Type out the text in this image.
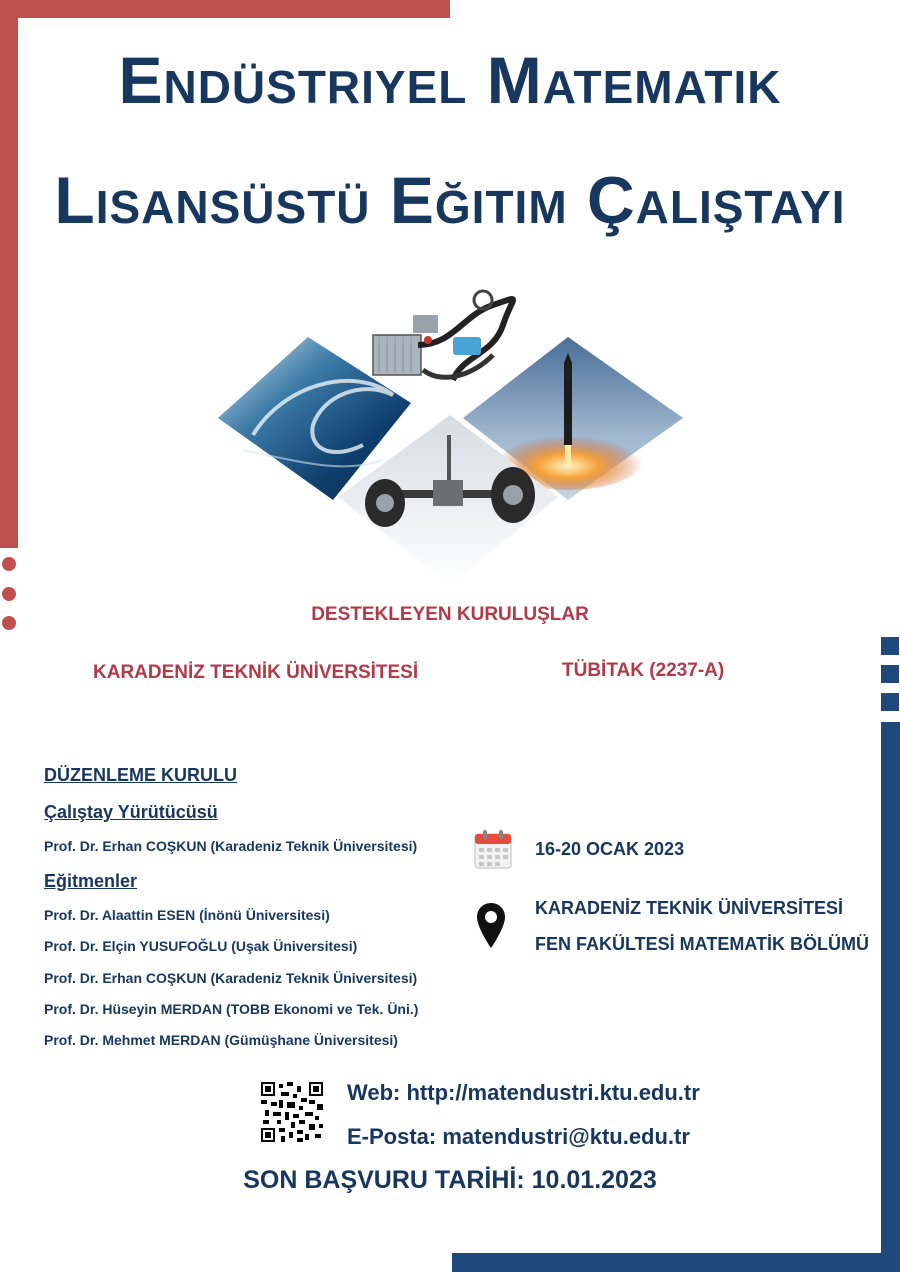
Endüstriyel Matematik
Lisansüstü Eğitim Çalıştayı
DESTEKLEYEN KURULUŞLAR
KARADENİZ TEKNİK ÜNİVERSİTESİ	TÜBİTAK (2237-A)
DÜZENLEME KURULU
Çalıştay Yürütücüsü
Prof. Dr. Erhan COŞKUN (Karadeniz Teknik Üniversitesi)
Eğitmenler
Prof. Dr. Alaattin ESEN (İnönü Üniversitesi)
Prof. Dr. Elçin YUSUFOĞLU (Uşak Üniversitesi)
Prof. Dr. Erhan COŞKUN (Karadeniz Teknik Üniversitesi)
Prof. Dr. Hüseyin MERDAN (TOBB Ekonomi ve Tek. Üni.)
Prof. Dr. Mehmet MERDAN (Gümüşhane Üniversitesi)
16-20 OCAK 2023
KARADENİZ TEKNİK ÜNİVERSİTESİ
FEN FAKÜLTESİ MATEMATİK BÖLÜMÜ
Web: http://matendustri.ktu.edu.tr
E-Posta: matendustri@ktu.edu.tr
SON BAŞVURU TARİHİ: 10.01.2023
